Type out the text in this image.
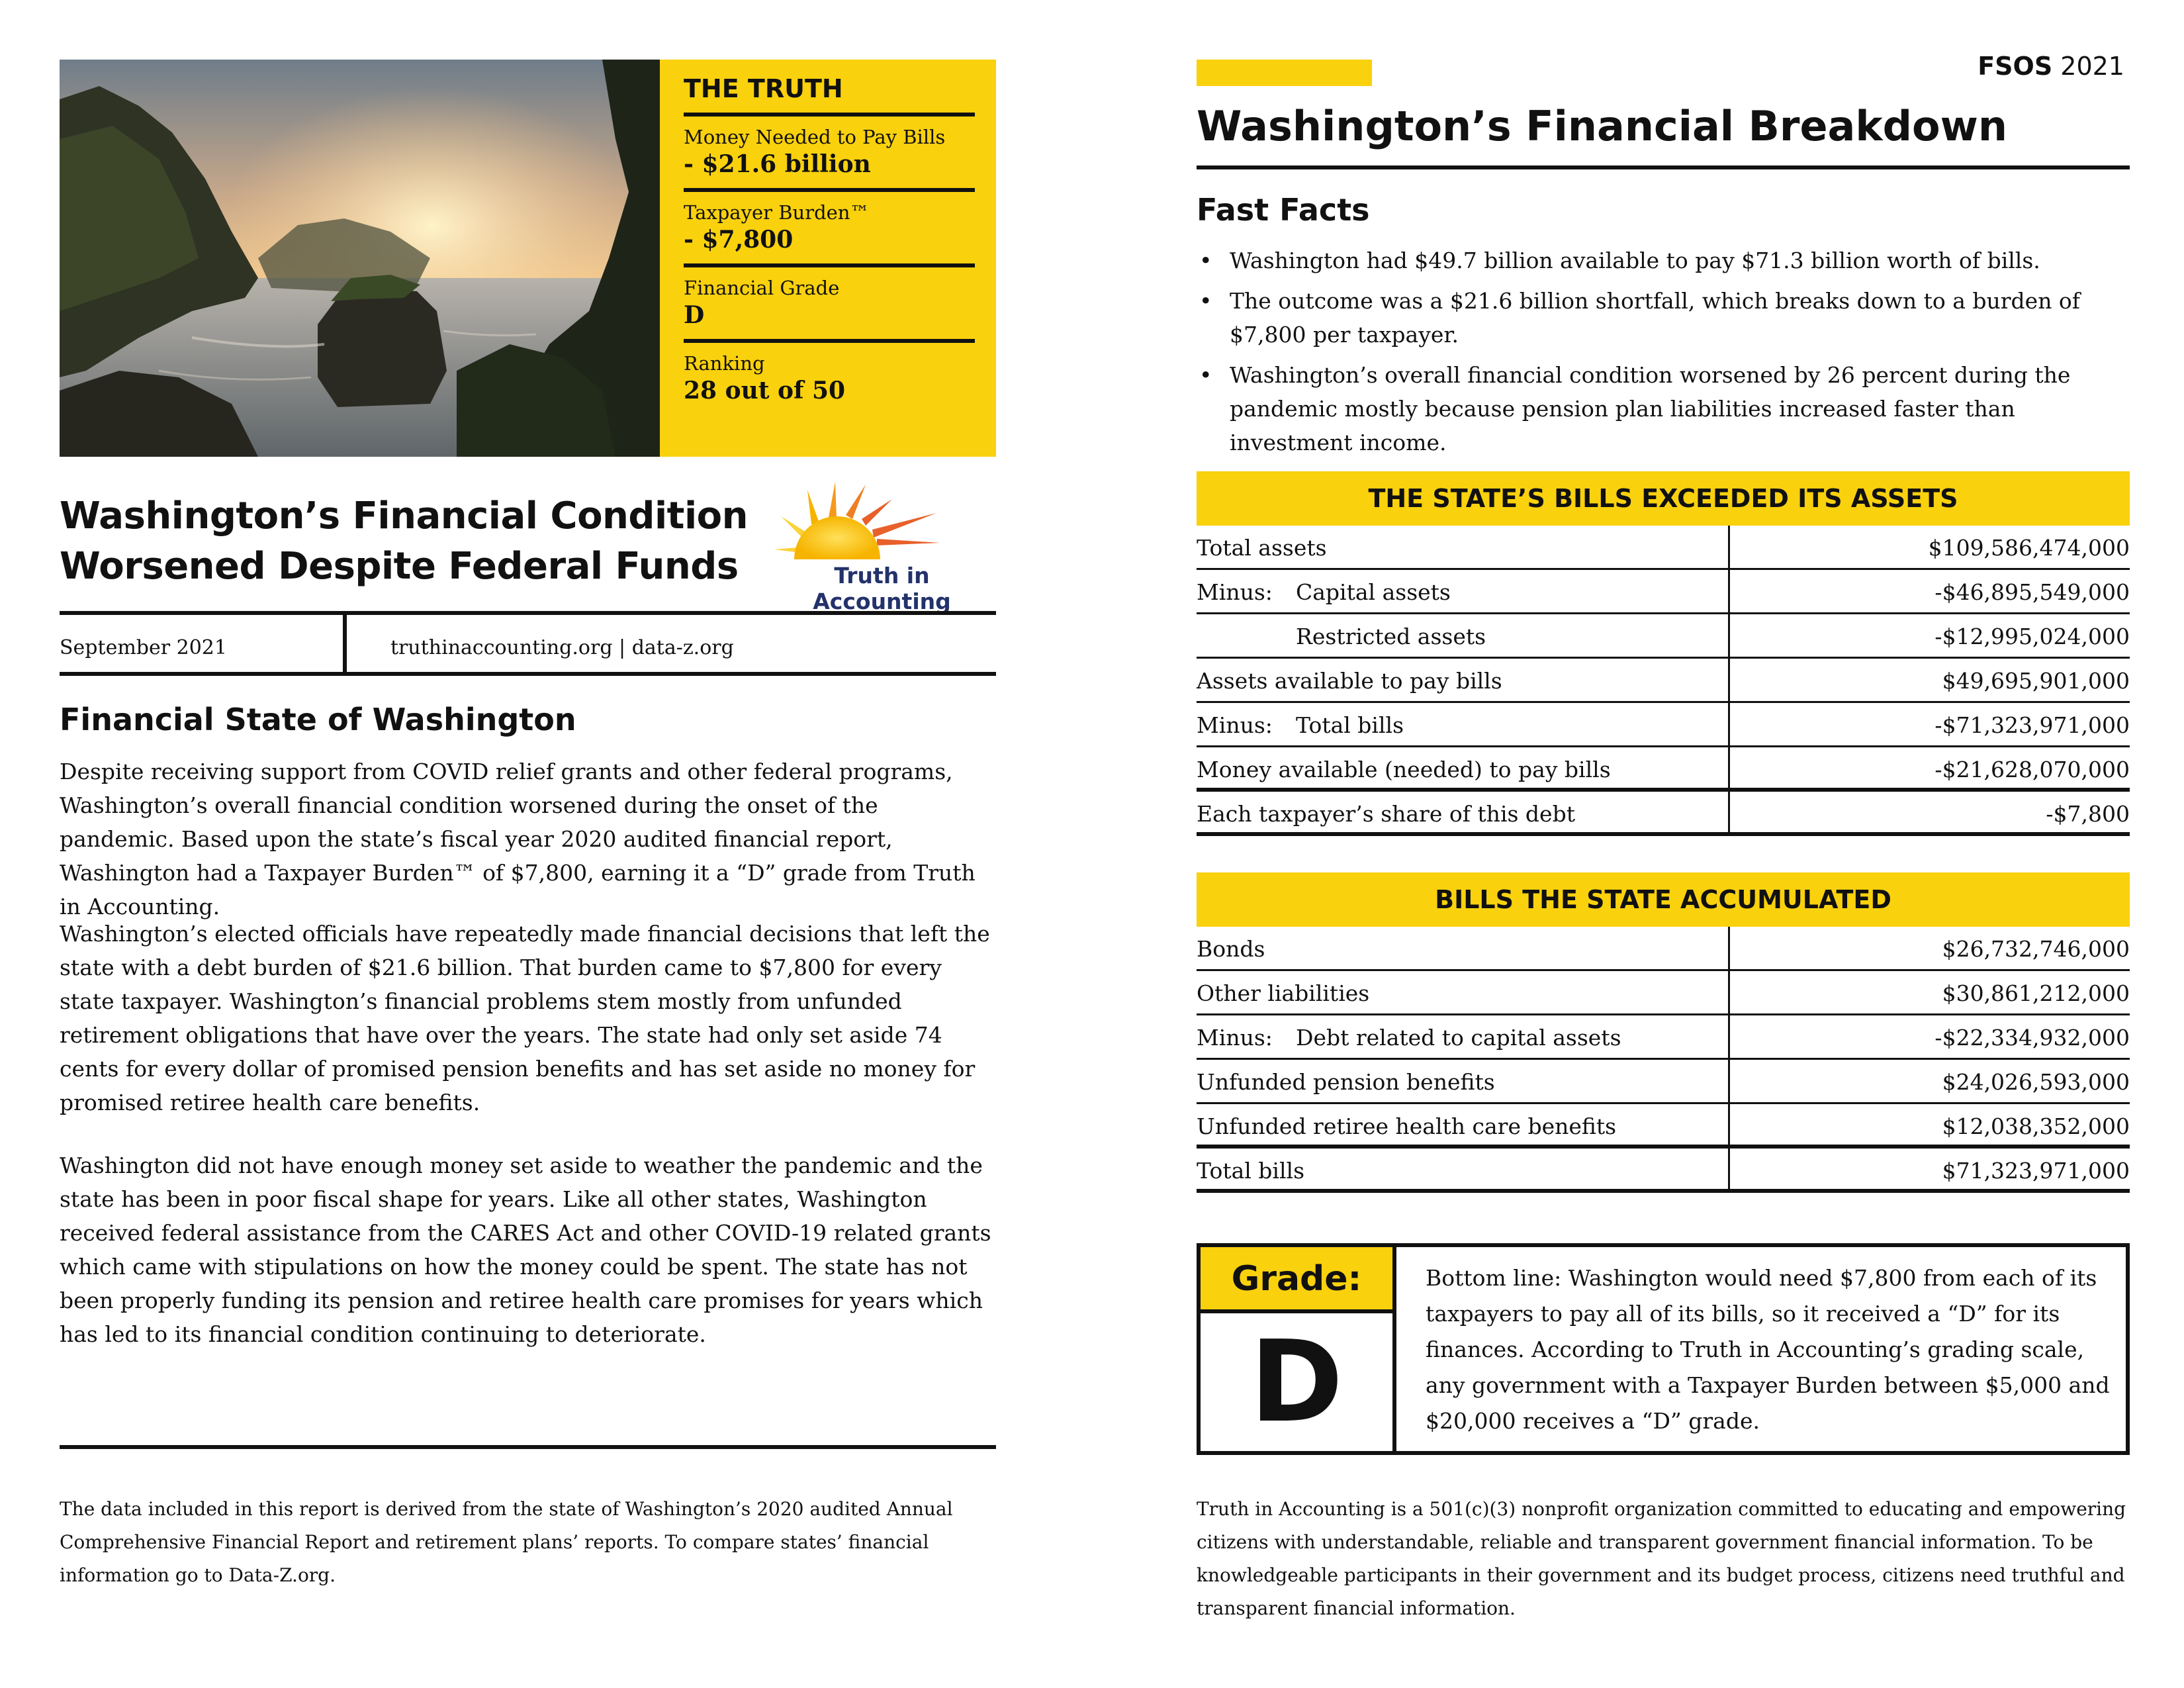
THE TRUTH
Money Needed to Pay Bills
- $21.6 billion
Taxpayer Burden™
- $7,800
Financial Grade
D
Ranking
28 out of 50
Washington’s Financial Condition
Worsened Despite Federal Funds	Truth in Accounting
September 2021	truthinaccounting.org | data-z.org
Financial State of Washington
Despite receiving support from COVID relief grants and other federal programs, Washington’s overall financial condition worsened during the onset of the pandemic. Based upon the state’s fiscal year 2020 audited financial report, Washington had a Taxpayer Burden™ of $7,800, earning it a “D” grade from Truth in Accounting.
Washington’s elected officials have repeatedly made financial decisions that left the state with a debt burden of $21.6 billion. That burden came to $7,800 for every state taxpayer. Washington’s financial problems stem mostly from unfunded retirement obligations that have over the years. The state had only set aside 74 cents for every dollar of promised pension benefits and has set aside no money for promised retiree health care benefits.
Washington did not have enough money set aside to weather the pandemic and the state has been in poor fiscal shape for years. Like all other states, Washington received federal assistance from the CARES Act and other COVID-19 related grants which came with stipulations on how the money could be spent. The state has not been properly funding its pension and retiree health care promises for years which has led to its financial condition continuing to deteriorate.
The data included in this report is derived from the state of Washington’s 2020 audited Annual Comprehensive Financial Report and retirement plans’ reports. To compare states’ financial information go to Data-Z.org.
FSOS 2021
Washington’s Financial Breakdown
Fast Facts
• Washington had $49.7 billion available to pay $71.3 billion worth of bills.
• The outcome was a $21.6 billion shortfall, which breaks down to a burden of $7,800 per taxpayer.
• Washington’s overall financial condition worsened by 26 percent during the pandemic mostly because pension plan liabilities increased faster than investment income.
THE STATE’S BILLS EXCEEDED ITS ASSETS
Total assets	$109,586,474,000
Minus: Capital assets	-$46,895,549,000
Restricted assets	-$12,995,024,000
Assets available to pay bills	$49,695,901,000
Minus: Total bills	-$71,323,971,000
Money available (needed) to pay bills	-$21,628,070,000
Each taxpayer’s share of this debt	-$7,800
BILLS THE STATE ACCUMULATED
Bonds	$26,732,746,000
Other liabilities	$30,861,212,000
Minus: Debt related to capital assets	-$22,334,932,000
Unfunded pension benefits	$24,026,593,000
Unfunded retiree health care benefits	$12,038,352,000
Total bills	$71,323,971,000
Grade:
D
Bottom line: Washington would need $7,800 from each of its taxpayers to pay all of its bills, so it received a “D” for its finances. According to Truth in Accounting’s grading scale, any government with a Taxpayer Burden between $5,000 and $20,000 receives a “D” grade.
Truth in Accounting is a 501(c)(3) nonprofit organization committed to educating and empowering citizens with understandable, reliable and transparent government financial information. To be knowledgeable participants in their government and its budget process, citizens need truthful and transparent financial information.
